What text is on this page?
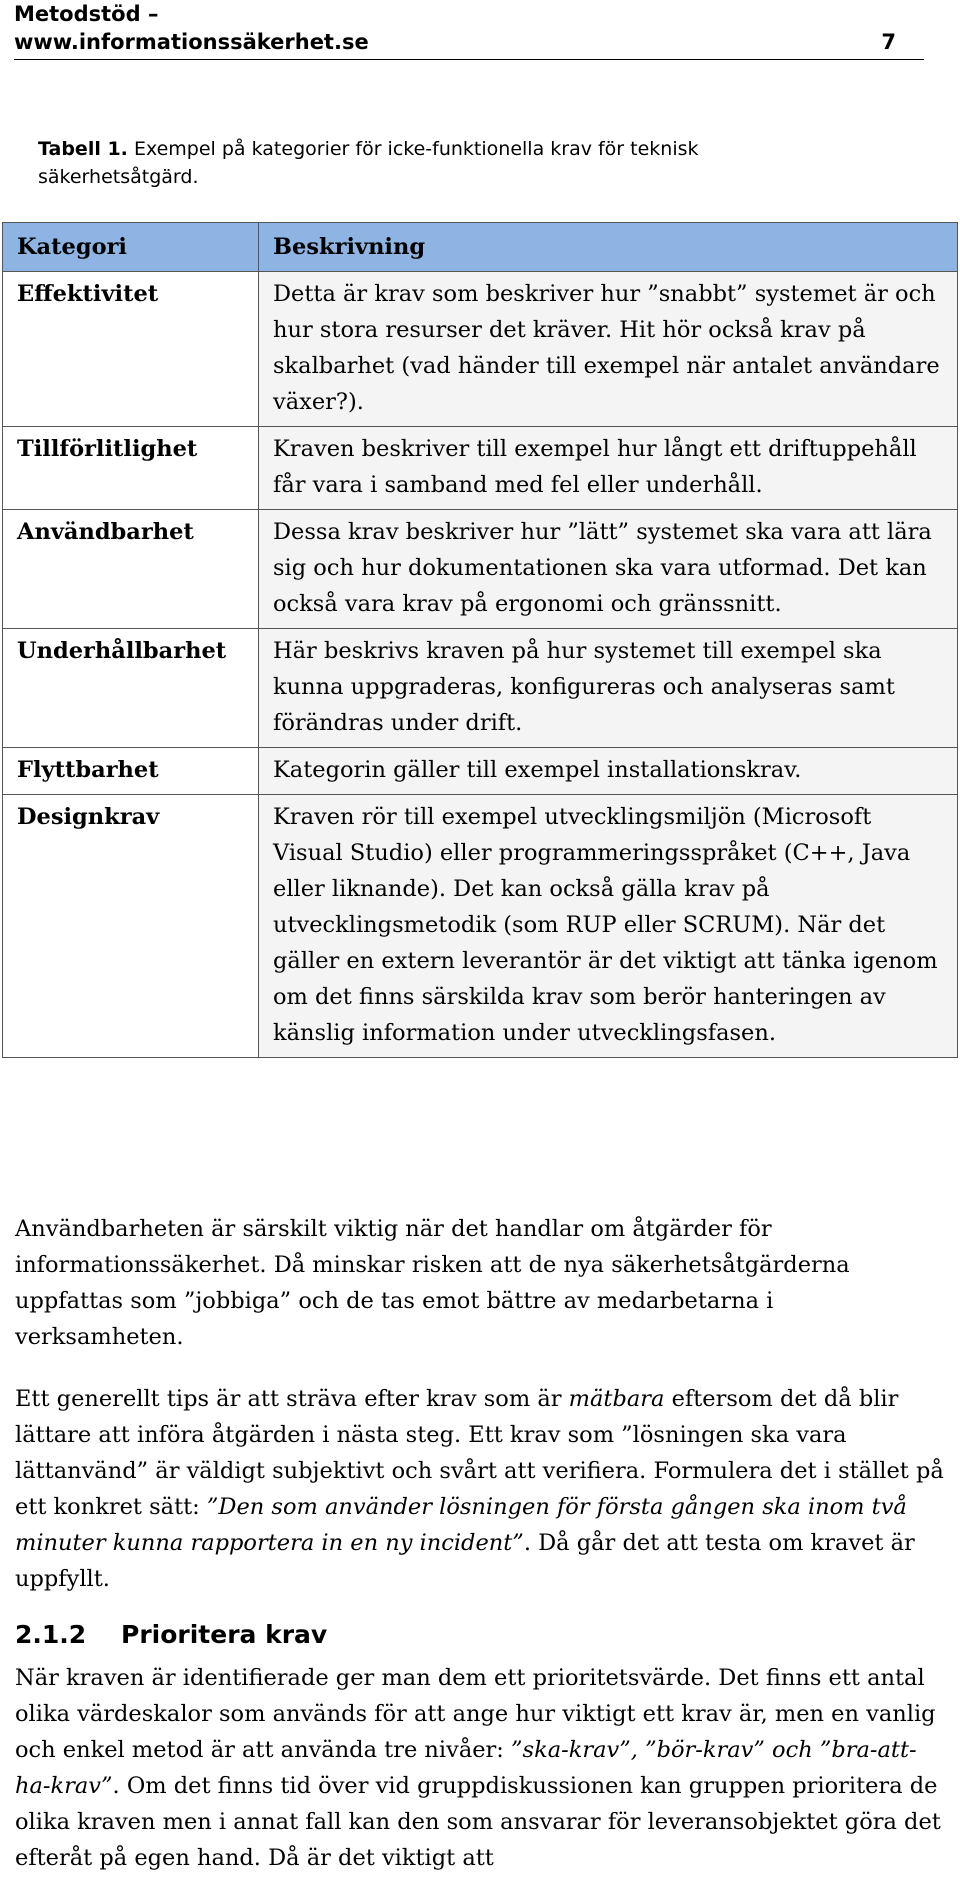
Metodstöd –
www.informationssäkerhet.se	7
Tabell 1. Exempel på kategorier för icke-funktionella krav för teknisk säkerhetsåtgärd.
Kategori	Beskrivning
Effektivitet	Detta är krav som beskriver hur ”snabbt” systemet är och hur stora resurser det kräver. Hit hör också krav på skalbarhet (vad händer till exempel när antalet användare växer?).
Tillförlitlighet	Kraven beskriver till exempel hur långt ett driftuppehåll får vara i samband med fel eller underhåll.
Användbarhet	Dessa krav beskriver hur ”lätt” systemet ska vara att lära sig och hur dokumentationen ska vara utformad. Det kan också vara krav på ergonomi och gränssnitt.
Underhållbarhet	Här beskrivs kraven på hur systemet till exempel ska kunna uppgraderas, konfigureras och analyseras samt förändras under drift.
Flyttbarhet	Kategorin gäller till exempel installationskrav.
Designkrav	Kraven rör till exempel utvecklingsmiljön (Microsoft Visual Studio) eller programmeringsspråket (C++, Java eller liknande). Det kan också gälla krav på utvecklingsmetodik (som RUP eller SCRUM). När det gäller en extern leverantör är det viktigt att tänka igenom om det finns särskilda krav som berör hanteringen av känslig information under utvecklingsfasen.
Användbarheten är särskilt viktig när det handlar om åtgärder för informationssäkerhet. Då minskar risken att de nya säkerhetsåtgärderna uppfattas som ”jobbiga” och de tas emot bättre av medarbetarna i verksamheten.
Ett generellt tips är att sträva efter krav som är mätbara eftersom det då blir lättare att införa åtgärden i nästa steg. Ett krav som ”lösningen ska vara lättanvänd” är väldigt subjektivt och svårt att verifiera. Formulera det i stället på ett konkret sätt: ”Den som använder lösningen för första gången ska inom två minuter kunna rapportera in en ny incident”. Då går det att testa om kravet är uppfyllt.
2.1.2 Prioritera krav
När kraven är identifierade ger man dem ett prioritetsvärde. Det finns ett antal olika värdeskalor som används för att ange hur viktigt ett krav är, men en vanlig och enkel metod är att använda tre nivåer: ”ska-krav”, ”bör-krav” och ”bra-att-ha-krav”. Om det finns tid över vid gruppdiskussionen kan gruppen prioritera de olika kraven men i annat fall kan den som ansvarar för leveransobjektet göra det efteråt på egen hand. Då är det viktigt att
